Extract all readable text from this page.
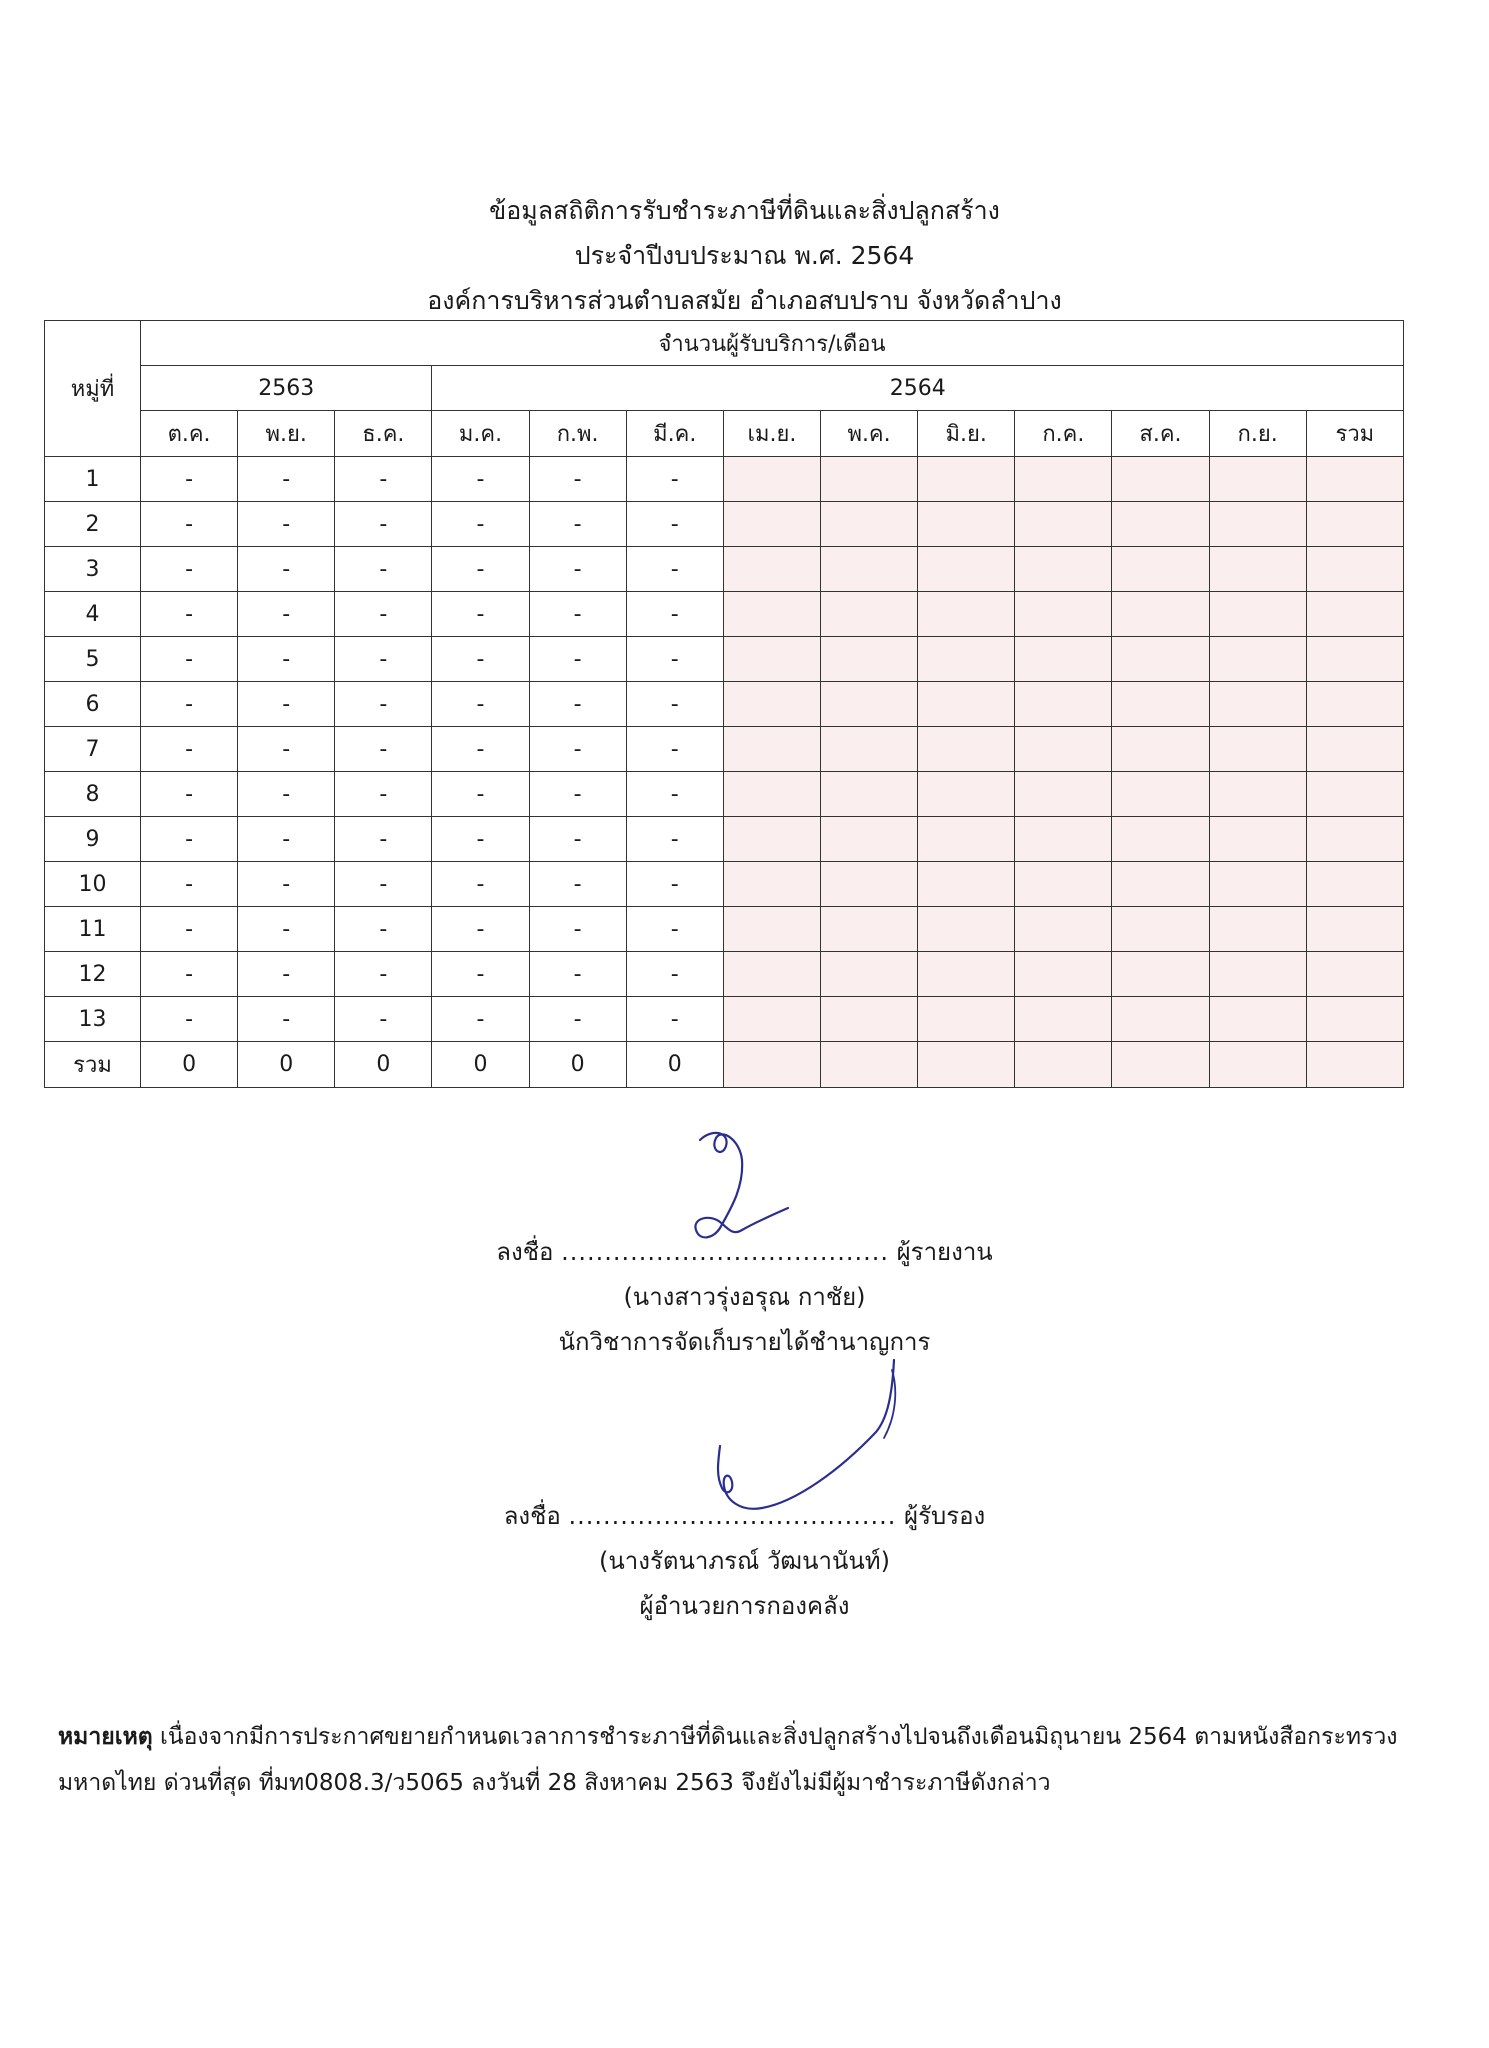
ข้อมูลสถิติการรับชำระภาษีที่ดินและสิ่งปลูกสร้าง
ประจำปีงบประมาณ พ.ศ. 2564
องค์การบริหารส่วนตำบลสมัย อำเภอสบปราบ จังหวัดลำปาง
หมู่ที่	จำนวนผู้รับบริการ/เดือน												
	2563			2564									
	ต.ค.	พ.ย.	ธ.ค.	ม.ค.	ก.พ.	มี.ค.	เม.ย.	พ.ค.	มิ.ย.	ก.ค.	ส.ค.	ก.ย.	รวม
1	-	-	-	-	-	-							
2	-	-	-	-	-	-							
3	-	-	-	-	-	-							
4	-	-	-	-	-	-							
5	-	-	-	-	-	-							
6	-	-	-	-	-	-							
7	-	-	-	-	-	-							
8	-	-	-	-	-	-							
9	-	-	-	-	-	-							
10	-	-	-	-	-	-							
11	-	-	-	-	-	-							
12	-	-	-	-	-	-							
13	-	-	-	-	-	-							
รวม	0	0	0	0	0	0							
ลงชื่อ ...................................... ผู้รายงาน
(นางสาวรุ่งอรุณ กาชัย)
นักวิชาการจัดเก็บรายได้ชำนาญการ
ลงชื่อ ...................................... ผู้รับรอง
(นางรัตนาภรณ์ วัฒนานันท์)
ผู้อำนวยการกองคลัง
หมายเหตุ เนื่องจากมีการประกาศขยายกำหนดเวลาการชำระภาษีที่ดินและสิ่งปลูกสร้างไปจนถึงเดือนมิถุนายน 2564 ตามหนังสือกระทรวงมหาดไทย ด่วนที่สุด ที่มท0808.3/ว5065 ลงวันที่ 28 สิงหาคม 2563 จึงยังไม่มีผู้มาชำระภาษีดังกล่าว
